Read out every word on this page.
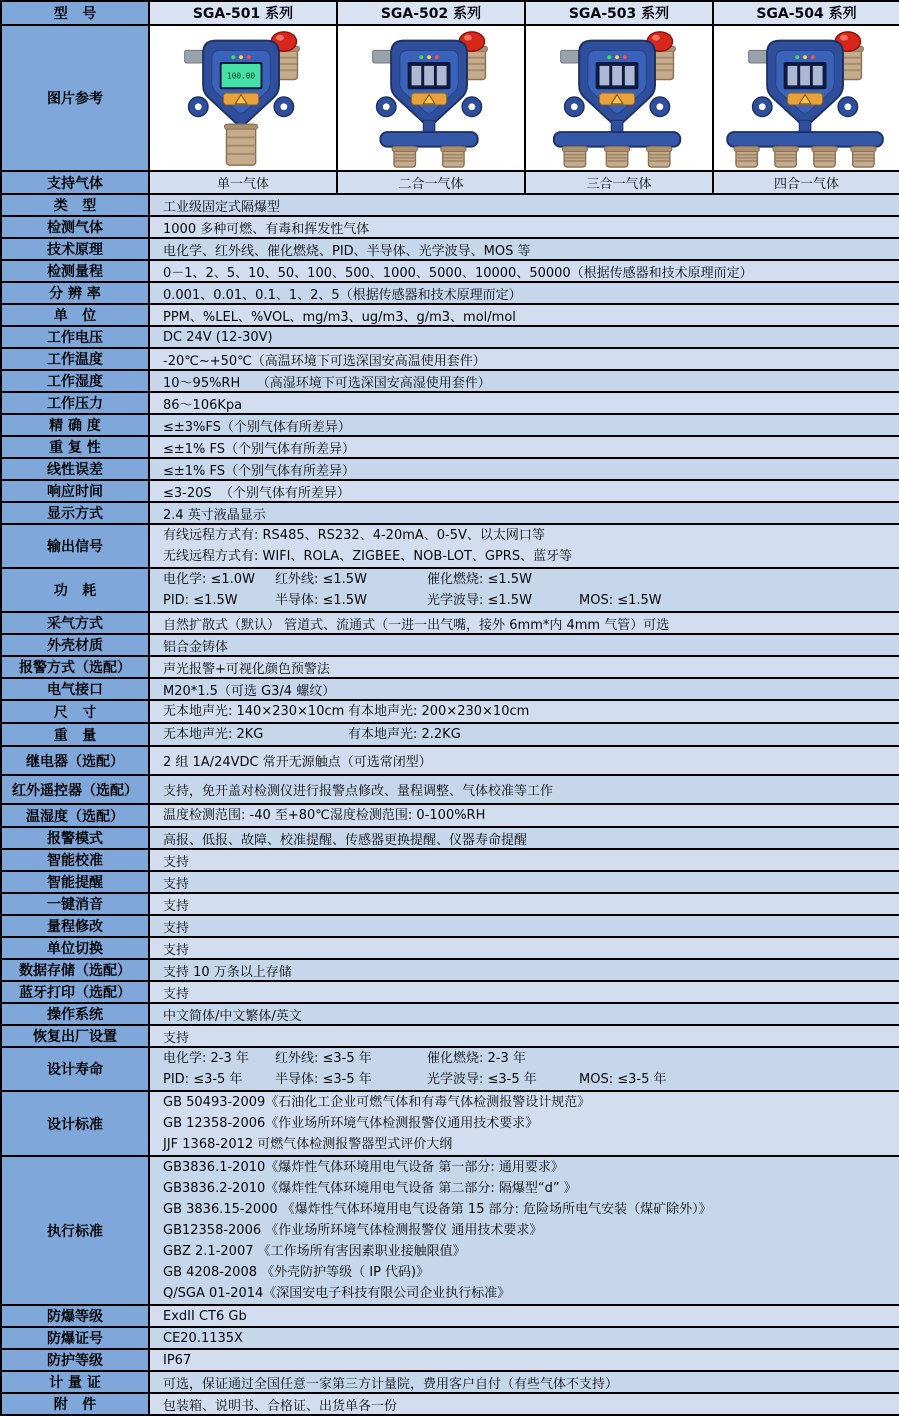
型   号	SGA-501 系列	SGA-502 系列	SGA-503 系列	SGA-504 系列
图片参考	100.00

支持气体	单一气体	二合一气体	三合一气体	四合一气体
类   型	工业级固定式隔爆型			
检测气体	1000 多种可燃、有毒和挥发性气体			
技术原理	电化学、红外线、催化燃烧、PID、半导体、光学波导、MOS 等			
检测量程	0－1、2、5、10、50、100、500、1000、5000、10000、50000（根据传感器和技术原理而定）			
分 辨 率	0.001、0.01、0.1、1、2、5（根据传感器和技术原理而定）			
单   位	PPM、%LEL、%VOL、mg/m3、ug/m3、g/m3、mol/mol			
工作电压	DC 24V (12-30V)			
工作温度	-20℃~+50℃（高温环境下可选深国安高温使用套件）			
工作湿度	10～95%RH    （高湿环境下可选深国安高湿使用套件）			
工作压力	86～106Kpa			
精 确 度	≤±3%FS（个别气体有所差异）			
重 复 性	≤±1% FS（个别气体有所差异）			
线性误差	≤±1% FS（个别气体有所差异）			
响应时间	≤3-20S  （个别气体有所差异）			
显示方式	2.4 英寸液晶显示			
输出信号	有线远程方式有: RS485、RS232、4-20mA、0-5V、以太网口等
无线远程方式有: WIFI、ROLA、ZIGBEE、NOB-LOT、GPRS、蓝牙等			

功   耗	
电化学: ≤1.0W	红外线: ≤1.5W	催化燃烧: ≤1.5W
PID: ≤1.5W	半导体: ≤1.5W	光学波导: ≤1.5W	MOS: ≤1.5W

采气方式	自然扩散式（默认） 管道式、流通式（一进一出气嘴，接外 6mm*内 4mm 气管）可选			
外壳材质	铝合金铸体			
报警方式（选配）	声光报警+可视化颜色预警法			
电气接口	M20*1.5（可选 G3/4 螺纹）			
尺   寸	无本地声光: 140×230×10cm 有本地声光: 200×230×10cm			

重   量	无本地声光: 2KG 有本地声光: 2.2KG			

继电器（选配）	2 组 1A/24VDC 常开无源触点（可选常闭型）			
红外遥控器（选配）	支持，免开盖对检测仪进行报警点修改、量程调整、气体校准等工作			
温湿度（选配）	温度检测范围: -40 至+80℃ 湿度检测范围: 0-100%RH			

报警模式	高报、低报、故障、校准提醒、传感器更换提醒、仪器寿命提醒			
智能校准	支持			
智能提醒	支持			
一键消音	支持			
量程修改	支持			
单位切换	支持			
数据存储（选配）	支持 10 万条以上存储			
蓝牙打印（选配）	支持			
操作系统	中文简体/中文繁体/英文			
恢复出厂设置	支持			
设计寿命	
电化学: 2-3 年	红外线: ≤3-5 年	催化燃烧: 2-3 年
PID: ≤3-5 年	半导体: ≤3-5 年	光学波导: ≤3-5 年	MOS: ≤3-5 年

设计标准	GB 50493-2009《石油化工企业可燃气体和有毒气体检测报警设计规范》
GB 12358-2006《作业场所环境气体检测报警仪通用技术要求》
JJF 1368-2012 可燃气体检测报警器型式评价大纲			

执行标准	
GB3836.1-2010《爆炸性气体环境用电气设备 第一部分: 通用要求》
GB3836.2-2010《爆炸性气体环境用电气设备 第二部分: 隔爆型“d” 》
GB 3836.15-2000 《爆炸性气体环境用电气设备第 15 部分: 危险场所电气安装（煤矿除外）》
GB12358-2006 《作业场所环境气体检测报警仪 通用技术要求》
GBZ 2.1-2007 《工作场所有害因素职业接触限值》
GB 4208-2008 《外壳防护等级（ IP 代码)》
Q/SGA 01-2014《深国安电子科技有限公司企业执行标准》

防爆等级	ExdII CT6 Gb			
防爆证号	CE20.1135X			
防护等级	IP67			
计 量 证	可选，保证通过全国任意一家第三方计量院，费用客户自付（有些气体不支持）			
附   件	包装箱、说明书、合格证、出货单各一份			
